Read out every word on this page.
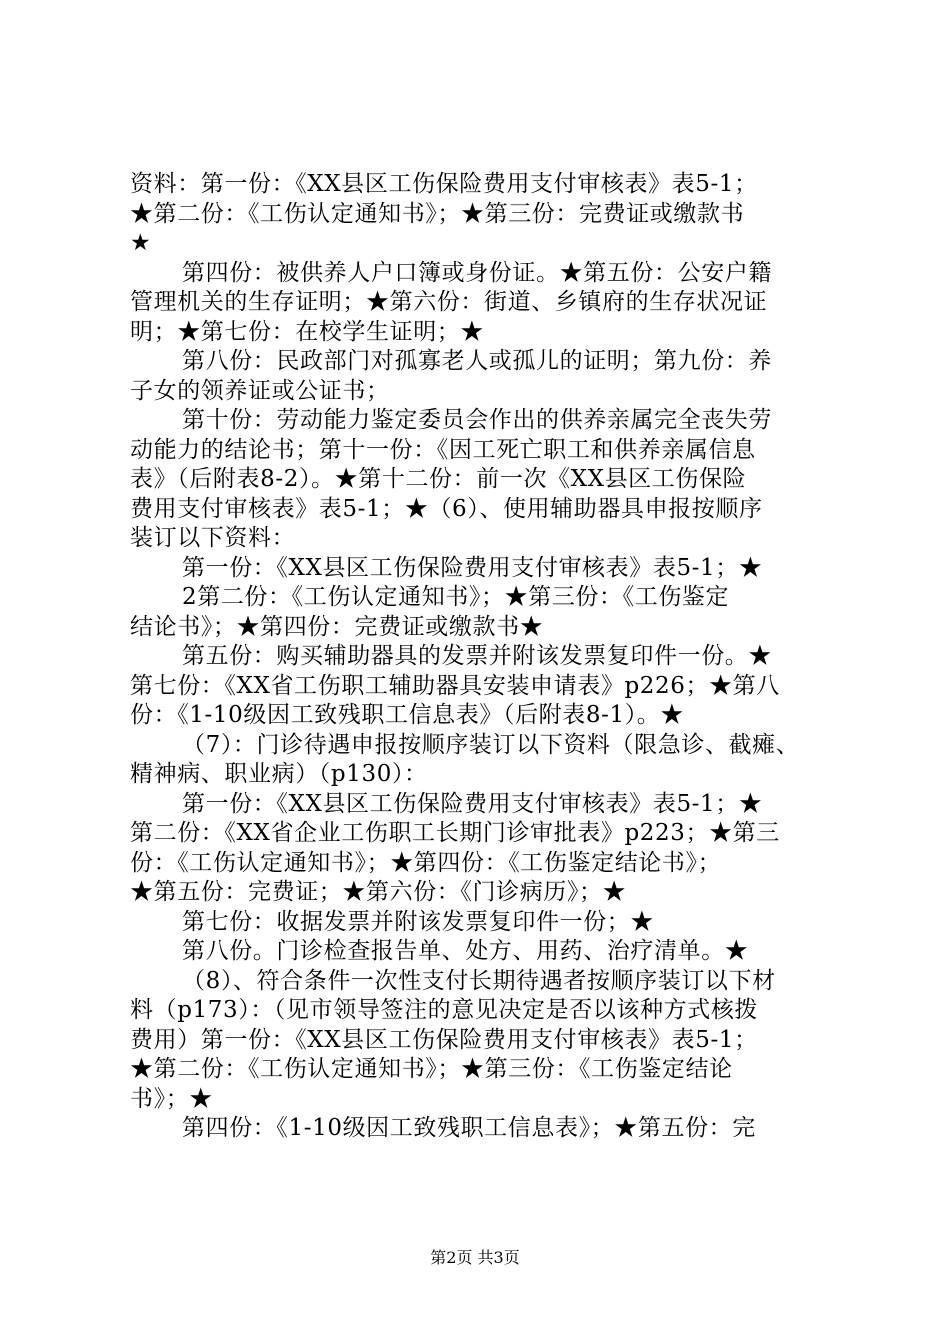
资料：第一份：《XX县区工伤保险费用支付审核表》表5-1；
★第二份：《工伤认定通知书》；★第三份：完费证或缴款书
★
第四份：被供养人户口簿或身份证。★第五份：公安户籍
管理机关的生存证明；★第六份：街道、乡镇府的生存状况证
明；★第七份：在校学生证明；★
第八份：民政部门对孤寡老人或孤儿的证明；第九份：养
子女的领养证或公证书；
第十份：劳动能力鉴定委员会作出的供养亲属完全丧失劳
动能力的结论书；第十一份：《因工死亡职工和供养亲属信息
表》（后附表8-2）。★第十二份：前一次《XX县区工伤保险
费用支付审核表》表5-1；★（6）、使用辅助器具申报按顺序
装订以下资料：
第一份：《XX县区工伤保险费用支付审核表》表5-1；★
2第二份：《工伤认定通知书》；★第三份：《工伤鉴定
结论书》；★第四份：完费证或缴款书★
第五份：购买辅助器具的发票并附该发票复印件一份。★
第七份：《XX省工伤职工辅助器具安装申请表》p226；★第八
份：《1-10级因工致残职工信息表》（后附表8-1）。★
（7）：门诊待遇申报按顺序装订以下资料（限急诊、截瘫、
精神病、职业病）（p130）：
第一份：《XX县区工伤保险费用支付审核表》表5-1；★
第二份：《XX省企业工伤职工长期门诊审批表》p223；★第三
份：《工伤认定通知书》；★第四份：《工伤鉴定结论书》；
★第五份：完费证；★第六份：《门诊病历》；★
第七份：收据发票并附该发票复印件一份；★
第八份。门诊检查报告单、处方、用药、治疗清单。★
（8）、符合条件一次性支付长期待遇者按顺序装订以下材
料（p173）：（见市领导签注的意见决定是否以该种方式核拨
费用）第一份：《XX县区工伤保险费用支付审核表》表5-1；
★第二份：《工伤认定通知书》；★第三份：《工伤鉴定结论
书》；★
第四份：《1-10级因工致残职工信息表》；★第五份：完
第2页 共3页
